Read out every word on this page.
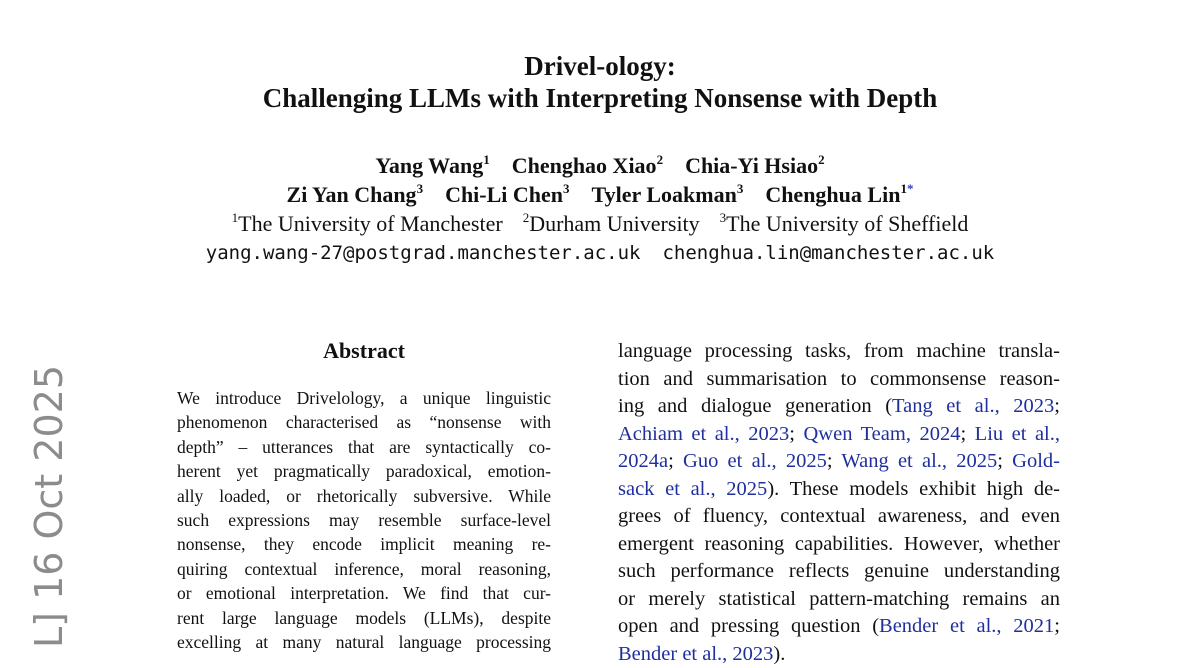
Drivel-ology:
Challenging LLMs with Interpreting Nonsense with Depth
Yang Wang$^1$ Chenghao Xiao$^2$ Chia-Yi Hsiao$^2$
Zi Yan Chang$^3$ Chi-Li Chen$^3$ Tyler Loakman$^3$ Chenghua Lin$^{1*}$
$^1$The University of Manchester $^2$Durham University $^3$The University of Sheffield
yang.wang-27@postgrad.manchester.ac.uk chenghua.lin@manchester.ac.uk
L] 16 Oct 2025
Abstract
We introduce Drivelology, a unique linguistic
phenomenon characterised as “nonsense with
depth” – utterances that are syntactically co-
herent yet pragmatically paradoxical, emotion-
ally loaded, or rhetorically subversive. While
such expressions may resemble surface-level
nonsense, they encode implicit meaning re-
quiring contextual inference, moral reasoning,
or emotional interpretation. We find that cur-
rent large language models (LLMs), despite
excelling at many natural language processing
language processing tasks, from machine transla-
tion and summarisation to commonsense reason-
ing and dialogue generation (Tang et al., 2023;
Achiam et al., 2023; Qwen Team, 2024; Liu et al.,
2024a; Guo et al., 2025; Wang et al., 2025; Gold-
sack et al., 2025). These models exhibit high de-
grees of fluency, contextual awareness, and even
emergent reasoning capabilities. However, whether
such performance reflects genuine understanding
or merely statistical pattern-matching remains an
open and pressing question (Bender et al., 2021;
Bender et al., 2023).
